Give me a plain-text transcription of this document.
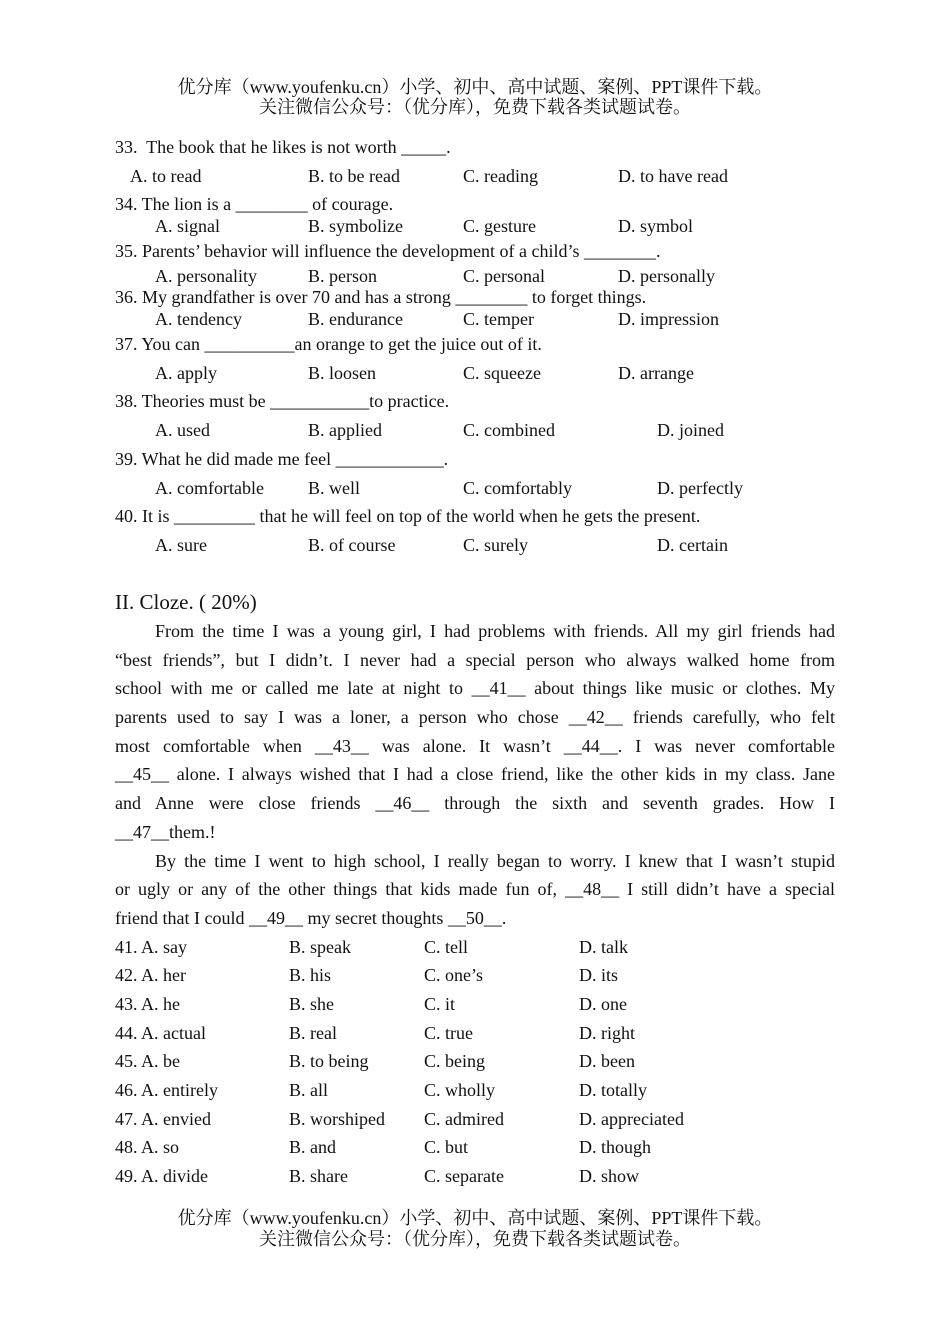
优分库（www.youfenku.cn）小学、初中、高中试题、案例、PPT课件下载。
关注微信公众号：（优分库），免费下载各类试题试卷。
33.  The book that he likes is not worth _____.
A. to read	B. to be read	C. reading	D. to have read
34. The lion is a ________ of courage.
A. signal	B. symbolize	C. gesture	D. symbol
35. Parents’ behavior will influence the development of a child’s ________.
A. personality	B. person	C. personal	D. personally
36. My grandfather is over 70 and has a strong ________ to forget things.
A. tendency	B. endurance	C. temper	D. impression
37. You can __________an orange to get the juice out of it.
A. apply	B. loosen	C. squeeze	D. arrange
38. Theories must be ___________to practice.
A. used	B. applied	C. combined	D. joined
39. What he did made me feel ____________.
A. comfortable B. well	C. comfortably	D. perfectly
40. It is _________ that he will feel on top of the world when he gets the present.
A. sure	B. of course	C. surely	D. certain
II. Cloze. ( 20%)
From the time I was a young girl, I had problems with friends. All my girl friends had
“best friends”, but I didn’t. I never had a special person who always walked home from
school with me or called me late at night to __41__ about things like music or clothes. My
parents used to say I was a loner, a person who chose __42__ friends carefully, who felt
most comfortable when __43__ was alone. It wasn’t __44__. I was never comfortable
__45__ alone. I always wished that I had a close friend, like the other kids in my class. Jane
and Anne were close friends __46__ through the sixth and seventh grades. How I
__47__them.!
By the time I went to high school, I really began to worry. I knew that I wasn’t stupid
or ugly or any of the other things that kids made fun of, __48__ I still didn’t have a special
friend that I could __49__ my secret thoughts __50__.
41. A. say	B. speak	C. tell	D. talk
42. A. her	B. his	C. one’s	D. its
43. A. he	B. she	C. it	D. one
44. A. actual	B. real	C. true	D. right
45. A. be	B. to being	C. being	D. been
46. A. entirely	B. all	C. wholly	D. totally
47. A. envied	B. worshiped C. admired	D. appreciated
48. A. so	B. and	C. but	D. though
49. A. divide	B. share	C. separate	D. show
优分库（www.youfenku.cn）小学、初中、高中试题、案例、PPT课件下载。
关注微信公众号：（优分库），免费下载各类试题试卷。
